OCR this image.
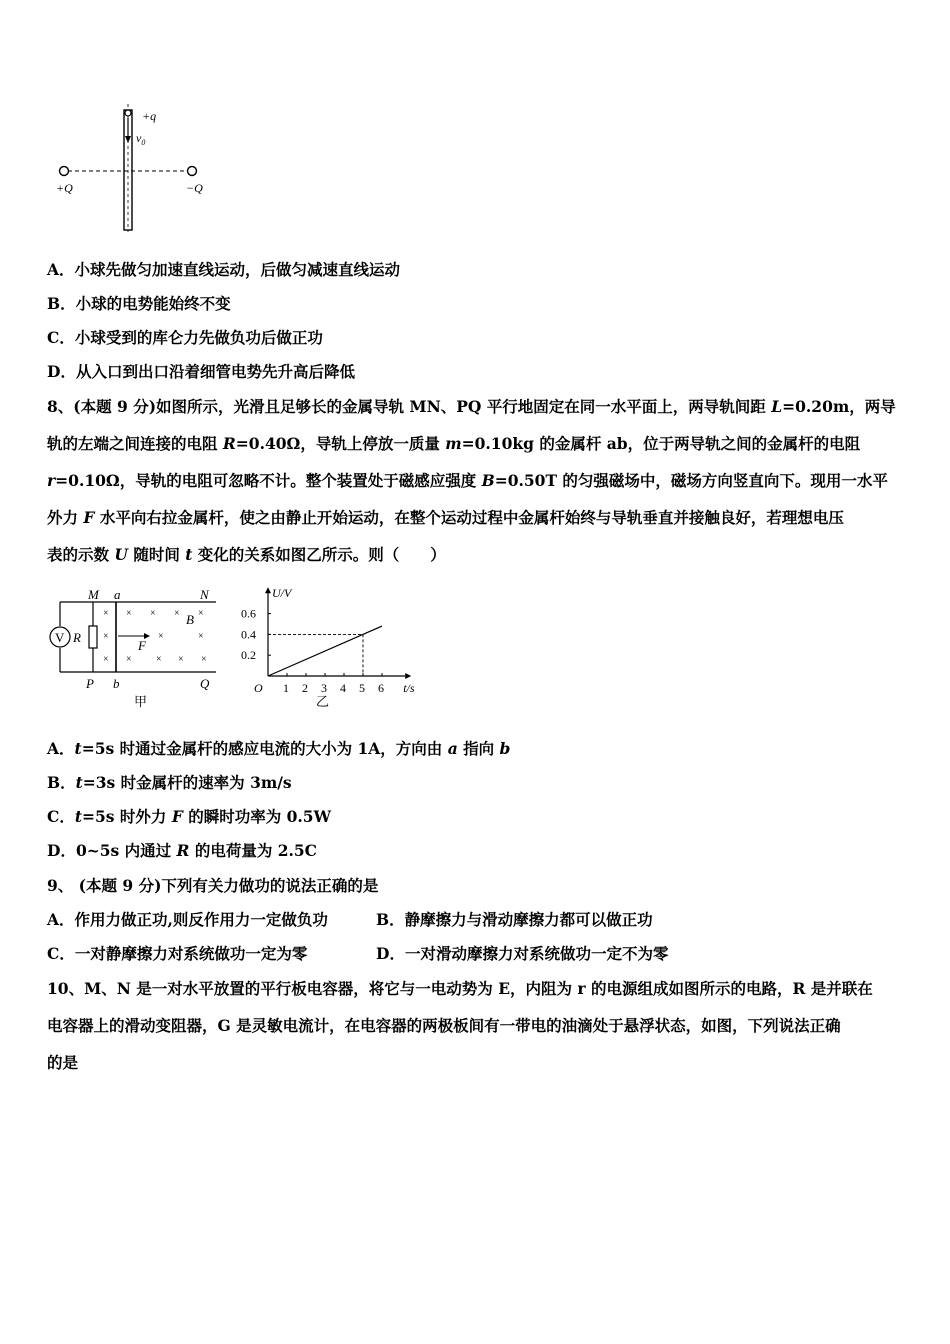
+q
$v_0$
+Q	−Q
A．小球先做匀加速直线运动，后做匀减速直线运动
B．小球的电势能始终不变
C．小球受到的库仑力先做负功后做正功
D．从入口到出口沿着细管电势先升高后降低
8、(本题 9 分)如图所示，光滑且足够长的金属导轨 MN、PQ 平行地固定在同一水平面上，两导轨间距 L=0.20m，两导
轨的左端之间连接的电阻 R=0.40Ω，导轨上停放一质量 m=0.10kg 的金属杆 ab，位于两导轨之间的金属杆的电阻
r=0.10Ω，导轨的电阻可忽略不计。整个装置处于磁感应强度 B=0.50T 的匀强磁场中，磁场方向竖直向下。现用一水平
外力 F 水平向右拉金属杆，使之由静止开始运动，在整个运动过程中金属杆始终与导轨垂直并接触良好，若理想电压
表的示数 U 随时间 t 变化的关系如图乙所示。则（　　）
V R
F
B
M a	N
P b	Q
×
×
×
×
×
× × ×
×	×
× × ×
甲
U/V
t/s
O 1 2 3 4 5 6
0.2
0.4
0.6
乙
A．t=5s 时通过金属杆的感应电流的大小为 1A，方向由 a 指向 b
B．t=3s 时金属杆的速率为 3m/s
C．t=5s 时外力 F 的瞬时功率为 0.5W
D．0~5s 内通过 R 的电荷量为 2.5C
9、 (本题 9 分)下列有关力做功的说法正确的是
A．作用力做正功,则反作用力一定做负功	B．静摩擦力与滑动摩擦力都可以做正功
C．一对静摩擦力对系统做功一定为零	D．一对滑动摩擦力对系统做功一定不为零
10、M、N 是一对水平放置的平行板电容器，将它与一电动势为 E，内阻为 r 的电源组成如图所示的电路，R 是并联在
电容器上的滑动变阻器，G 是灵敏电流计，在电容器的两极板间有一带电的油滴处于悬浮状态，如图，下列说法正确
的是
